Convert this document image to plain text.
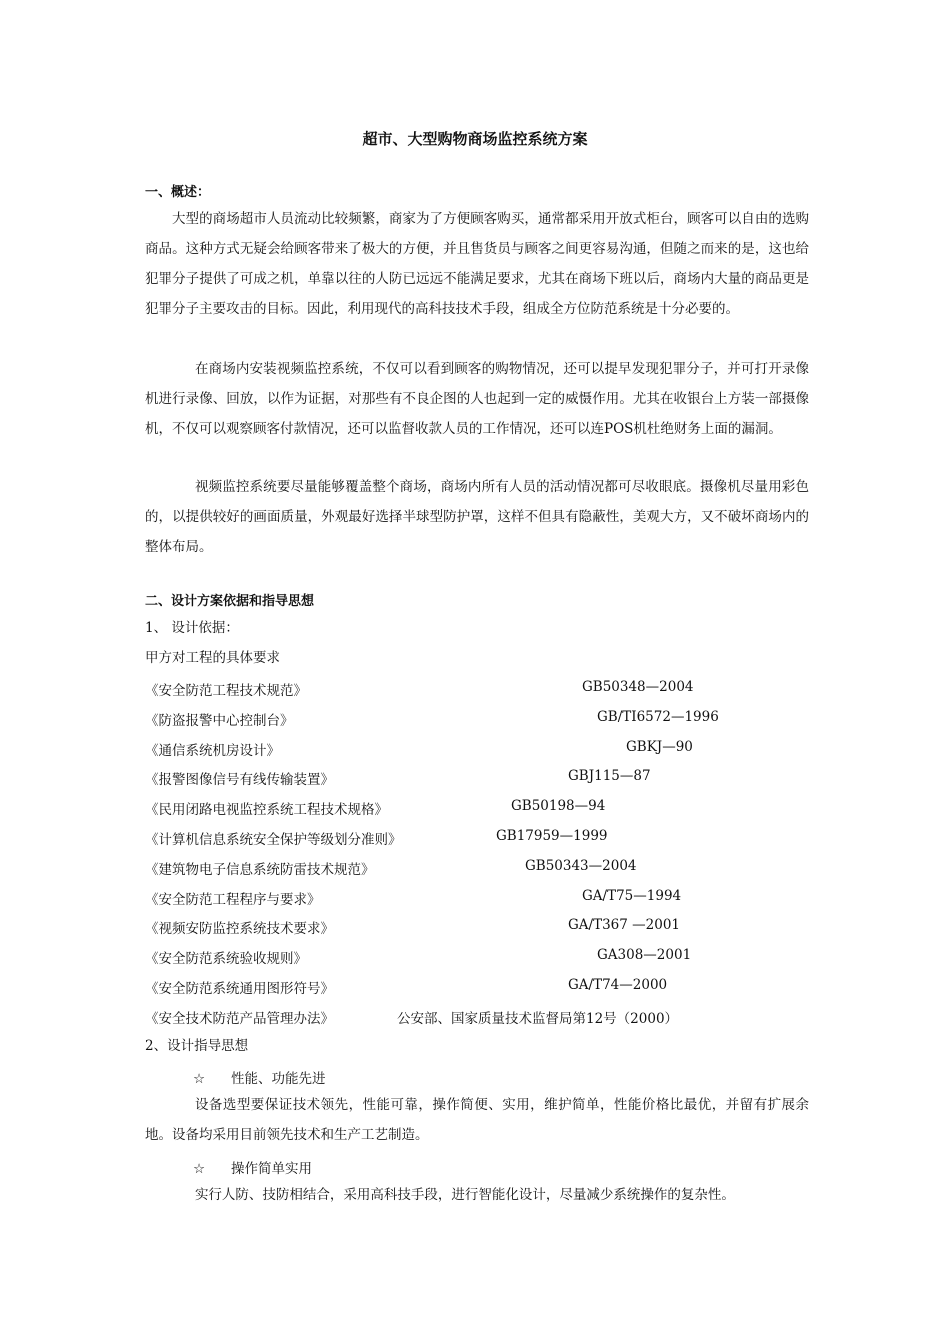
超市、大型购物商场监控系统方案
一、概述：

大型的商场超市人员流动比较频繁，商家为了方便顾客购买，通常都采用开放式柜台，顾客可以自由的选购商品。这种方式无疑会给顾客带来了极大的方便，并且售货员与顾客之间更容易沟通，但随之而来的是，这也给犯罪分子提供了可成之机，单靠以往的人防已远远不能满足要求，尤其在商场下班以后，商场内大量的商品更是犯罪分子主要攻击的目标。因此，利用现代的高科技技术手段，组成全方位防范系统是十分必要的。

在商场内安装视频监控系统，不仅可以看到顾客的购物情况，还可以提早发现犯罪分子，并可打开录像机进行录像、回放，以作为证据，对那些有不良企图的人也起到一定的威慑作用。尤其在收银台上方装一部摄像机，不仅可以观察顾客付款情况，还可以监督收款人员的工作情况，还可以连POS机杜绝财务上面的漏洞。

视频监控系统要尽量能够覆盖整个商场，商场内所有人员的活动情况都可尽收眼底。摄像机尽量用彩色的，以提供较好的画面质量，外观最好选择半球型防护罩，这样不但具有隐蔽性，美观大方，又不破坏商场内的整体布局。

二、设计方案依据和指导思想
1、 设计依据：
甲方对工程的具体要求
《安全防范工程技术规范》	GB50348—2004
《防盗报警中心控制台》	GB/TI6572—1996
《通信系统机房设计》	GBKJ—90
《报警图像信号有线传输装置》	GBJ115—87
《民用闭路电视监控系统工程技术规格》	GB50198—94
《计算机信息系统安全保护等级划分准则》	GB17959—1999
《建筑物电子信息系统防雷技术规范》	GB50343—2004
《安全防范工程程序与要求》	GA/T75—1994
《视频安防监控系统技术要求》	GA/T367 —2001
《安全防范系统验收规则》	GA308—2001
《安全防范系统通用图形符号》	GA/T74—2000
《安全技术防范产品管理办法》	公安部、国家质量技术监督局第12号（2000）
2、设计指导思想
☆ 性能、功能先进

设备选型要保证技术领先，性能可靠，操作简便、实用，维护简单，性能价格比最优，并留有扩展余地。设备均采用目前领先技术和生产工艺制造。

☆ 操作简单实用

实行人防、技防相结合，采用高科技手段，进行智能化设计，尽量减少系统操作的复杂性。
